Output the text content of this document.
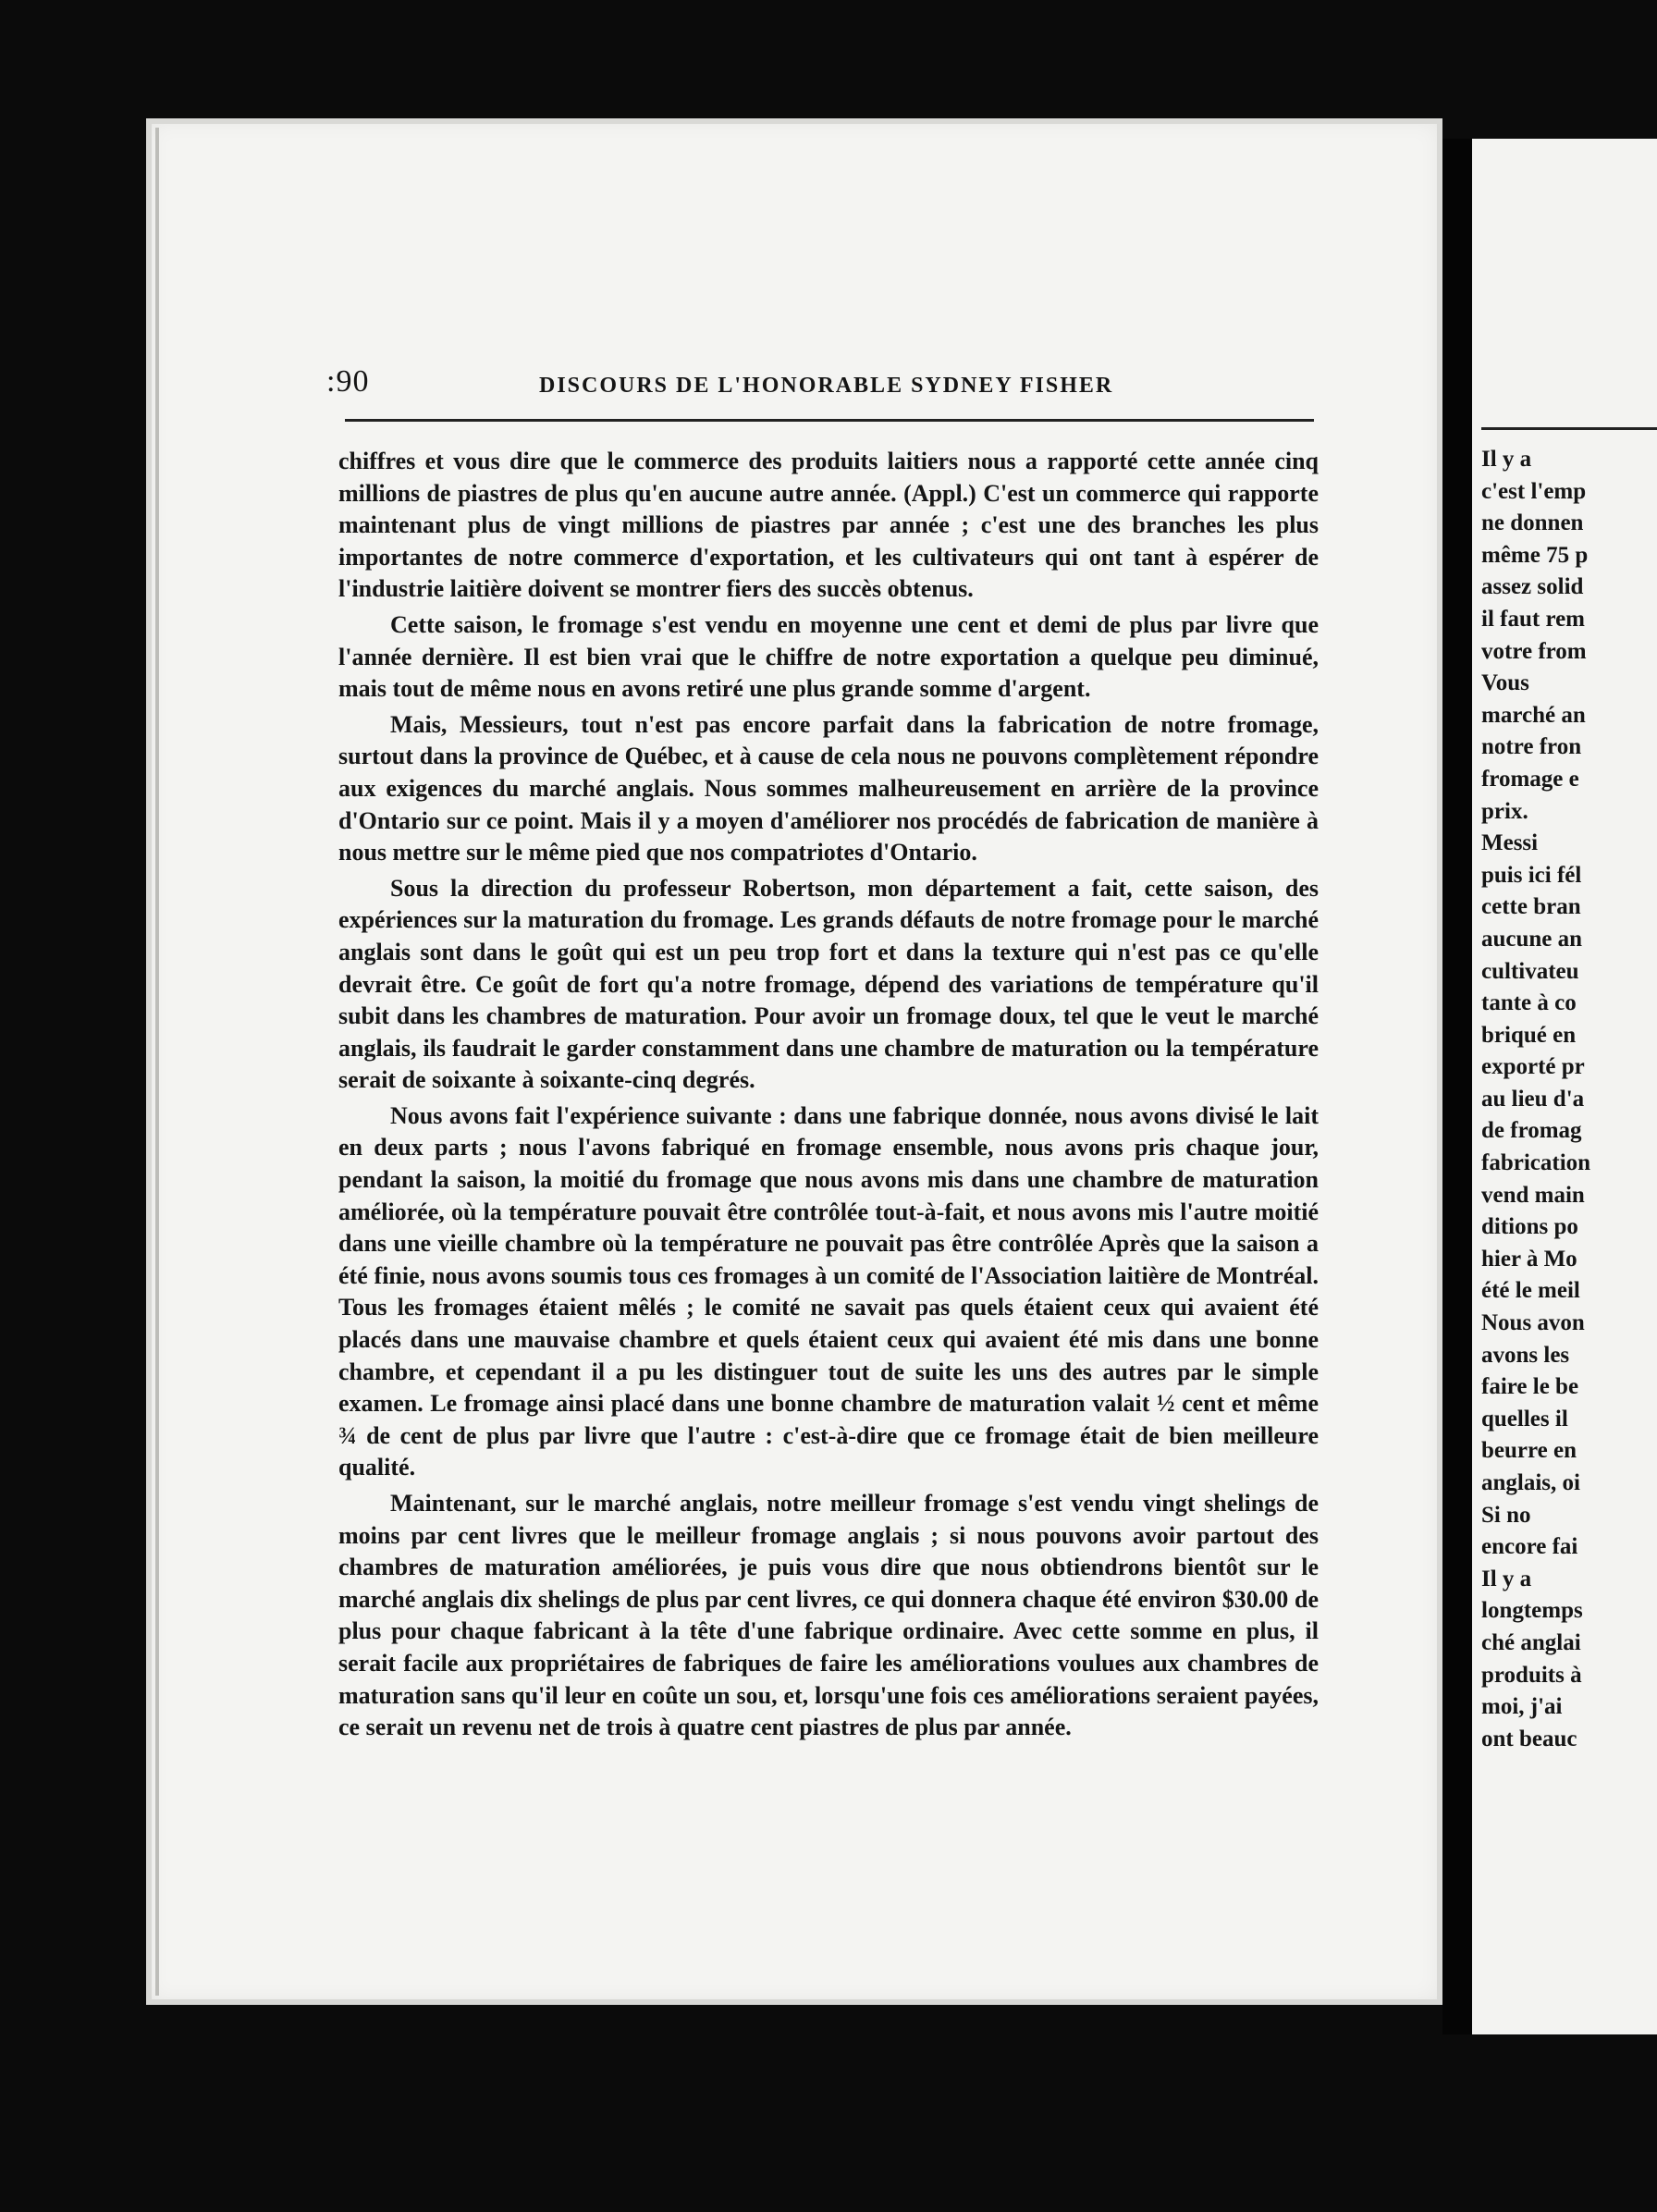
:90	DISCOURS DE L'HONORABLE SYDNEY FISHER

chiffres et vous dire que le commerce des produits laitiers nous a rapporté cette année cinq millions de piastres de plus qu'en aucune autre année. (Appl.) C'est un commerce qui rapporte maintenant plus de vingt millions de piastres par année ; c'est une des branches les plus importantes de notre commerce d'exportation, et les cultivateurs qui ont tant à espérer de l'industrie laitière doivent se montrer fiers des succès obtenus.

Cette saison, le fromage s'est vendu en moyenne une cent et demi de plus par livre que l'année dernière. Il est bien vrai que le chiffre de notre exportation a quelque peu diminué, mais tout de même nous en avons retiré une plus grande somme d'argent.

Mais, Messieurs, tout n'est pas encore parfait dans la fabrication de notre fromage, surtout dans la province de Québec, et à cause de cela nous ne pouvons complètement répondre aux exigences du marché anglais. Nous sommes malheureusement en arrière de la province d'Ontario sur ce point. Mais il y a moyen d'améliorer nos procédés de fabrication de manière à nous mettre sur le même pied que nos compatriotes d'Ontario.

Sous la direction du professeur Robertson, mon département a fait, cette saison, des expériences sur la maturation du fromage. Les grands défauts de notre fromage pour le marché anglais sont dans le goût qui est un peu trop fort et dans la texture qui n'est pas ce qu'elle devrait être. Ce goût de fort qu'a notre fromage, dépend des variations de température qu'il subit dans les chambres de maturation. Pour avoir un fromage doux, tel que le veut le marché anglais, ils faudrait le garder constamment dans une chambre de maturation ou la température serait de soixante à soixante-cinq degrés.

Nous avons fait l'expérience suivante : dans une fabrique donnée, nous avons divisé le lait en deux parts ; nous l'avons fabriqué en fromage ensemble, nous avons pris chaque jour, pendant la saison, la moitié du fromage que nous avons mis dans une chambre de maturation améliorée, où la température pouvait être contrôlée tout-à-fait, et nous avons mis l'autre moitié dans une vieille chambre où la température ne pouvait pas être contrôlée Après que la saison a été finie, nous avons soumis tous ces fromages à un comité de l'Association laitière de Montréal. Tous les fromages étaient mêlés ; le comité ne savait pas quels étaient ceux qui avaient été placés dans une mauvaise chambre et quels étaient ceux qui avaient été mis dans une bonne chambre, et cependant il a pu les distinguer tout de suite les uns des autres par le simple examen. Le fromage ainsi placé dans une bonne chambre de maturation valait ½ cent et même ¾ de cent de plus par livre que l'autre : c'est-à-dire que ce fromage était de bien meilleure qualité.

Maintenant, sur le marché anglais, notre meilleur fromage s'est vendu vingt shelings de moins par cent livres que le meilleur fromage anglais ; si nous pouvons avoir partout des chambres de maturation améliorées, je puis vous dire que nous obtiendrons bientôt sur le marché anglais dix shelings de plus par cent livres, ce qui donnera chaque été environ $30.00 de plus pour chaque fabricant à la tête d'une fabrique ordinaire. Avec cette somme en plus, il serait facile aux propriétaires de fabriques de faire les améliorations voulues aux chambres de maturation sans qu'il leur en coûte un sou, et, lorsqu'une fois ces améliorations seraient payées, ce serait un revenu net de trois à quatre cent piastres de plus par année.

Il y a
c'est l'emp
ne donnen
même 75 p
assez solid
il faut rem
votre from
Vous
marché an
notre fron
fromage e
prix.
Messi
puis ici fél
cette bran
aucune an
cultivateu
tante à co
briqué en
exporté pr
au lieu d'a
de fromag
fabrication
vend main
ditions po
hier à Mo
été le meil
Nous avon
avons les
faire le be
quelles il
beurre en
anglais, oi
Si no
encore fai
Il y a
longtemps
ché anglai
produits à
moi, j'ai
ont beauc
